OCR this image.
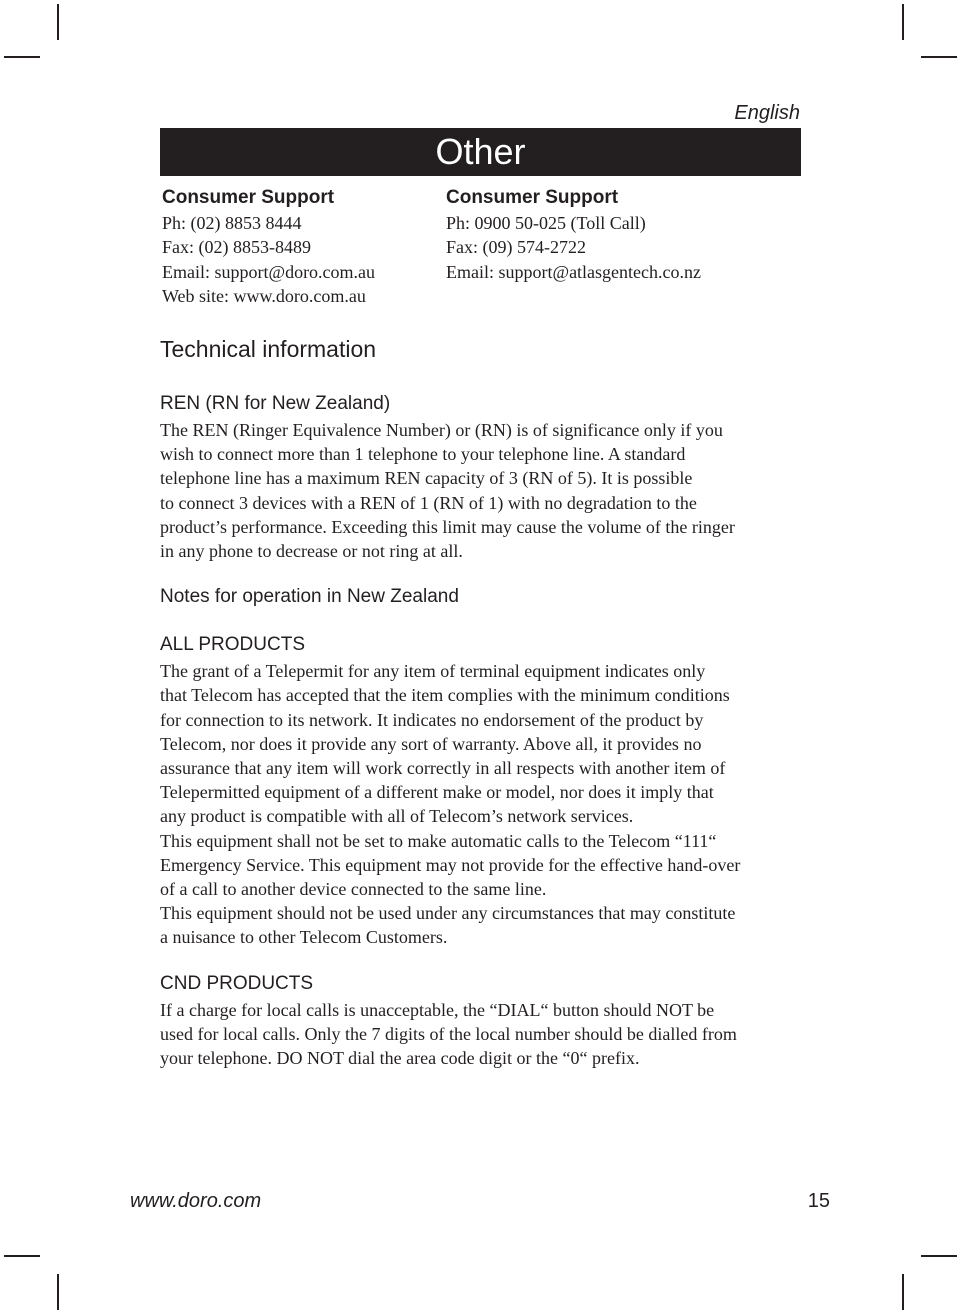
English
Other
Consumer Support
Ph: (02) 8853 8444
Fax: (02) 8853-8489
Email: support@doro.com.au
Web site: www.doro.com.au
Consumer Support
Ph: 0900 50-025 (Toll Call)
Fax: (09) 574-2722
Email: support@atlasgentech.co.nz
Technical information

REN (RN for New Zealand)

The REN (Ringer Equivalence Number) or (RN) is of significance only if you
wish to connect more than 1 telephone to your telephone line. A standard
telephone line has a maximum REN capacity of 3 (RN of 5). It is possible
to connect 3 devices with a REN of 1 (RN of 1) with no degradation to the
product’s performance. Exceeding this limit may cause the volume of the ringer
in any phone to decrease or not ring at all.

Notes for operation in New Zealand

ALL PRODUCTS

The grant of a Telepermit for any item of terminal equipment indicates only
that Telecom has accepted that the item complies with the minimum conditions
for connection to its network. It indicates no endorsement of the product by
Telecom, nor does it provide any sort of warranty. Above all, it provides no
assurance that any item will work correctly in all respects with another item of
Telepermitted equipment of a different make or model, nor does it imply that
any product is compatible with all of Telecom’s network services.
This equipment shall not be set to make automatic calls to the Telecom “111“
Emergency Service. This equipment may not provide for the effective hand-over
of a call to another device connected to the same line.
This equipment should not be used under any circumstances that may constitute
a nuisance to other Telecom Customers.

CND PRODUCTS

If a charge for local calls is unacceptable, the “DIAL“ button should NOT be
used for local calls. Only the 7 digits of the local number should be dialled from
your telephone. DO NOT dial the area code digit or the “0“ prefix.

www.doro.com	15
